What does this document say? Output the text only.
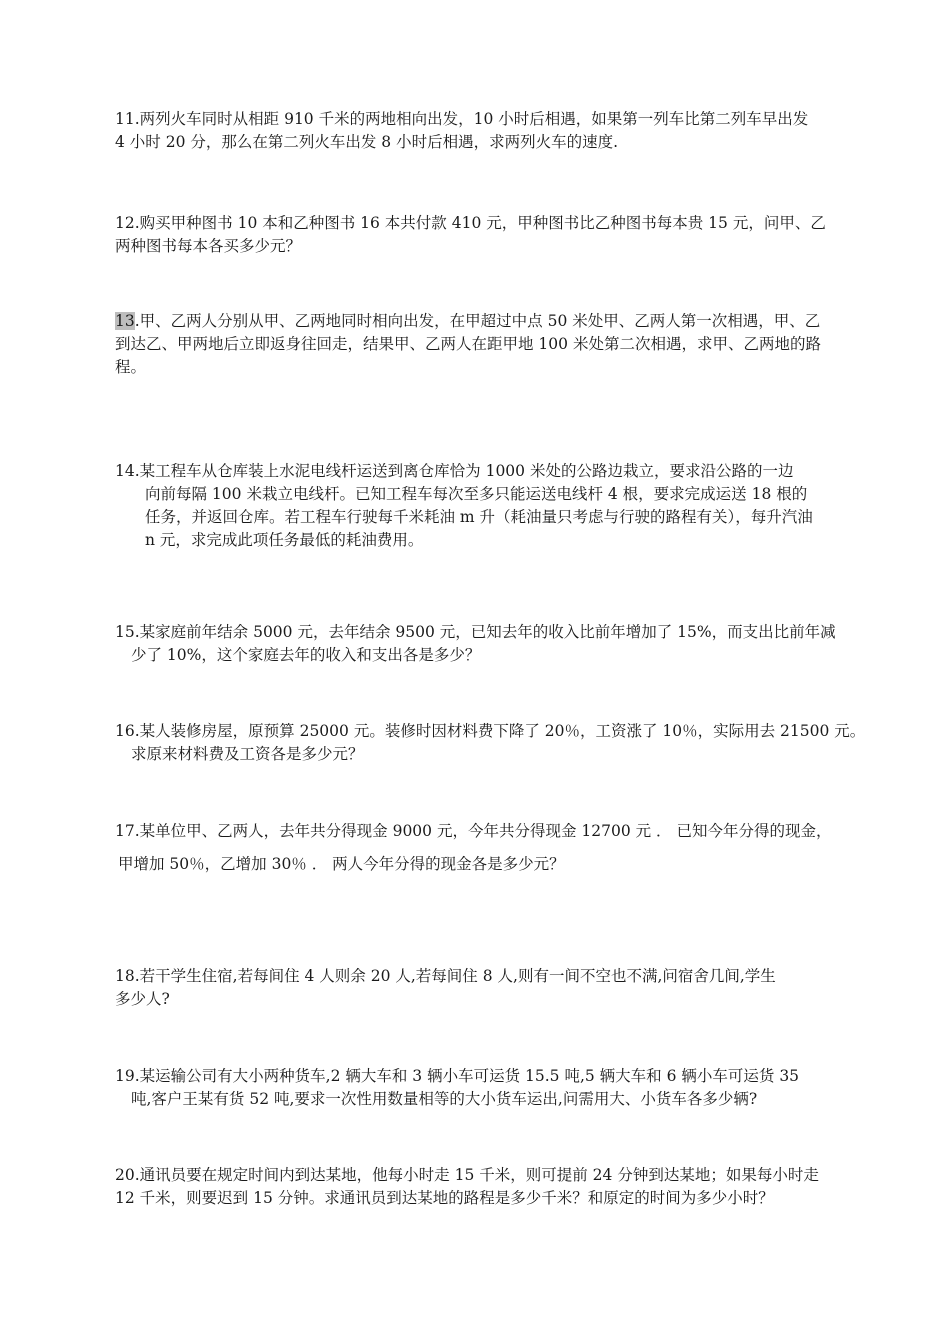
11.两列火车同时从相距 910 千米的两地相向出发，10 小时后相遇，如果第一列车比第二列车早出发
4 小时 20 分，那么在第二列火车出发 8 小时后相遇，求两列火车的速度.
12.购买甲种图书 10 本和乙种图书 16 本共付款 410 元，甲种图书比乙种图书每本贵 15 元，问甲、乙
两种图书每本各买多少元？
13.甲、乙两人分别从甲、乙两地同时相向出发，在甲超过中点 50 米处甲、乙两人第一次相遇，甲、乙
到达乙、甲两地后立即返身往回走，结果甲、乙两人在距甲地 100 米处第二次相遇，求甲、乙两地的路
程。
14.某工程车从仓库装上水泥电线杆运送到离仓库恰为 1000 米处的公路边栽立，要求沿公路的一边
向前每隔 100 米栽立电线杆。已知工程车每次至多只能运送电线杆 4 根，要求完成运送 18 根的
任务，并返回仓库。若工程车行驶每千米耗油 m 升（耗油量只考虑与行驶的路程有关），每升汽油
n 元，求完成此项任务最低的耗油费用。
15.某家庭前年结余 5000 元，去年结余 9500 元，已知去年的收入比前年增加了 15%，而支出比前年减
少了 10%，这个家庭去年的收入和支出各是多少？
16.某人装修房屋，原预算 25000 元。装修时因材料费下降了 20％，工资涨了 10％，实际用去 21500 元。
求原来材料费及工资各是多少元？
17.某单位甲、乙两人，去年共分得现金 9000 元，今年共分得现金 12700 元 ． 已知今年分得的现金，
甲增加 50％，乙增加 30％ ． 两人今年分得的现金各是多少元？
18.若干学生住宿,若每间住 4 人则余 20 人,若每间住 8 人,则有一间不空也不满,问宿舍几间,学生
多少人?
19.某运输公司有大小两种货车,2 辆大车和 3 辆小车可运货 15.5 吨,5 辆大车和 6 辆小车可运货 35
吨,客户王某有货 52 吨,要求一次性用数量相等的大小货车运出,问需用大、小货车各多少辆?
20.通讯员要在规定时间内到达某地，他每小时走 15 千米，则可提前 24 分钟到达某地；如果每小时走
12 千米，则要迟到 15 分钟。求通讯员到达某地的路程是多少千米？和原定的时间为多少小时？
